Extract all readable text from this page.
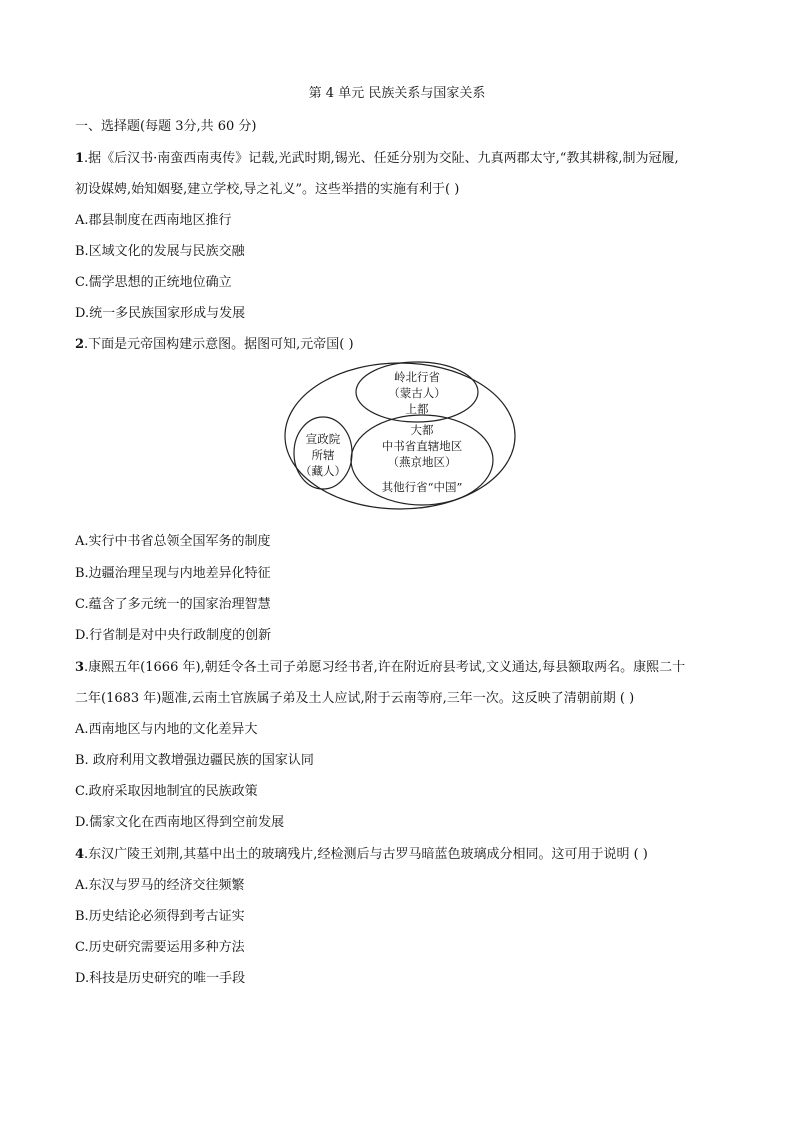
第 4 单元 民族关系与国家关系
一、选择题(每题 3分,共 60 分)
1.据《后汉书·南蛮西南夷传》记载,光武时期,锡光、任延分别为交阯、九真两郡太守,“教其耕稼,制为冠履,
初设媒娉,始知姻娶,建立学校,导之礼义”。这些举措的实施有利于( )
A.郡县制度在西南地区推行
B.区域文化的发展与民族交融
C.儒学思想的正统地位确立
D.统一多民族国家形成与发展
2.下面是元帝国构建示意图。据图可知,元帝国( )
岭北行省
（蒙古人）
上都
宣政院
所辖
（藏人）
大都
中书省直辖地区
（燕京地区）
其他行省“中国”
A.实行中书省总领全国军务的制度
B.边疆治理呈现与内地差异化特征
C.蕴含了多元统一的国家治理智慧
D.行省制是对中央行政制度的创新
3.康熙五年(1666 年),朝廷令各土司子弟愿习经书者,许在附近府县考试,文义通达,每县额取两名。康熙二十
二年(1683 年)题准,云南土官族属子弟及土人应试,附于云南等府,三年一次。这反映了清朝前期 ( )
A.西南地区与内地的文化差异大
B. 政府利用文教增强边疆民族的国家认同
C.政府采取因地制宜的民族政策
D.儒家文化在西南地区得到空前发展
4.东汉广陵王刘荆,其墓中出土的玻璃残片,经检测后与古罗马暗蓝色玻璃成分相同。这可用于说明 ( )
A.东汉与罗马的经济交往频繁
B.历史结论必须得到考古证实
C.历史研究需要运用多种方法
D.科技是历史研究的唯一手段
